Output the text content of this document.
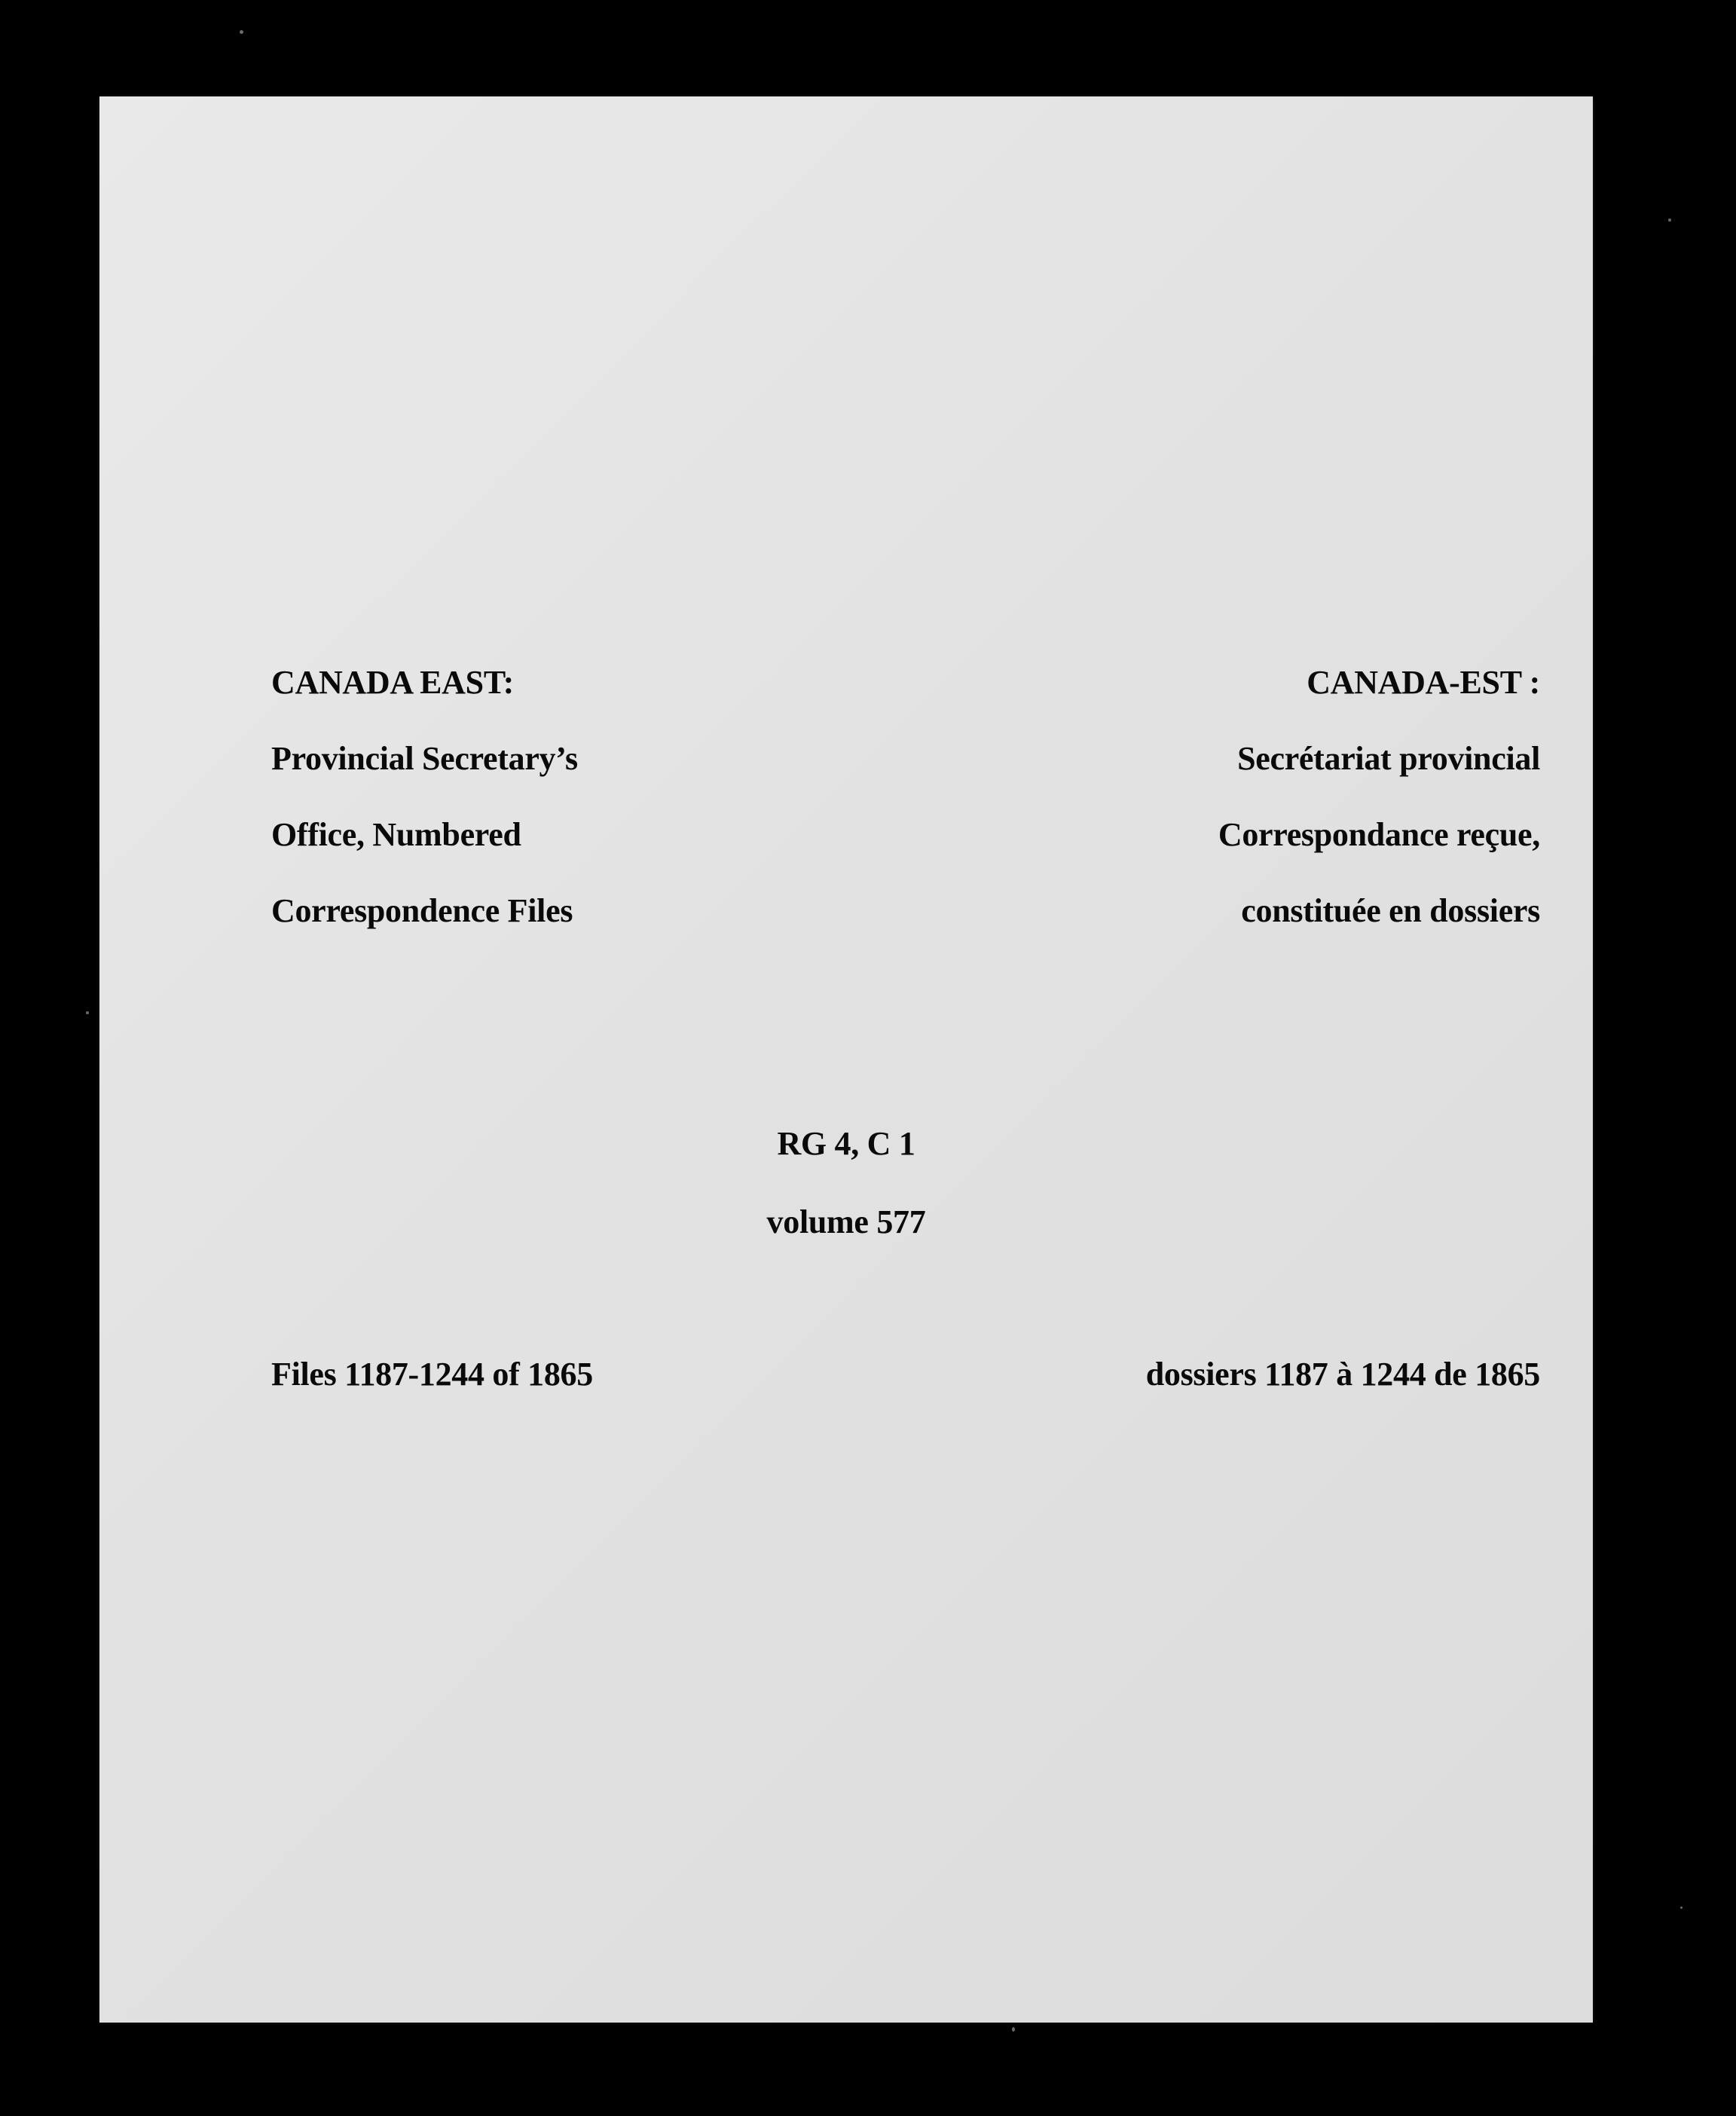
CANADA EAST:
Provincial Secretary’s
Office, Numbered
Correspondence Files
CANADA-EST :
Secrétariat provincial
Correspondance reçue,
constituée en dossiers
RG 4, C 1
volume 577
Files 1187-1244 of 1865	dossiers 1187 à 1244 de 1865
